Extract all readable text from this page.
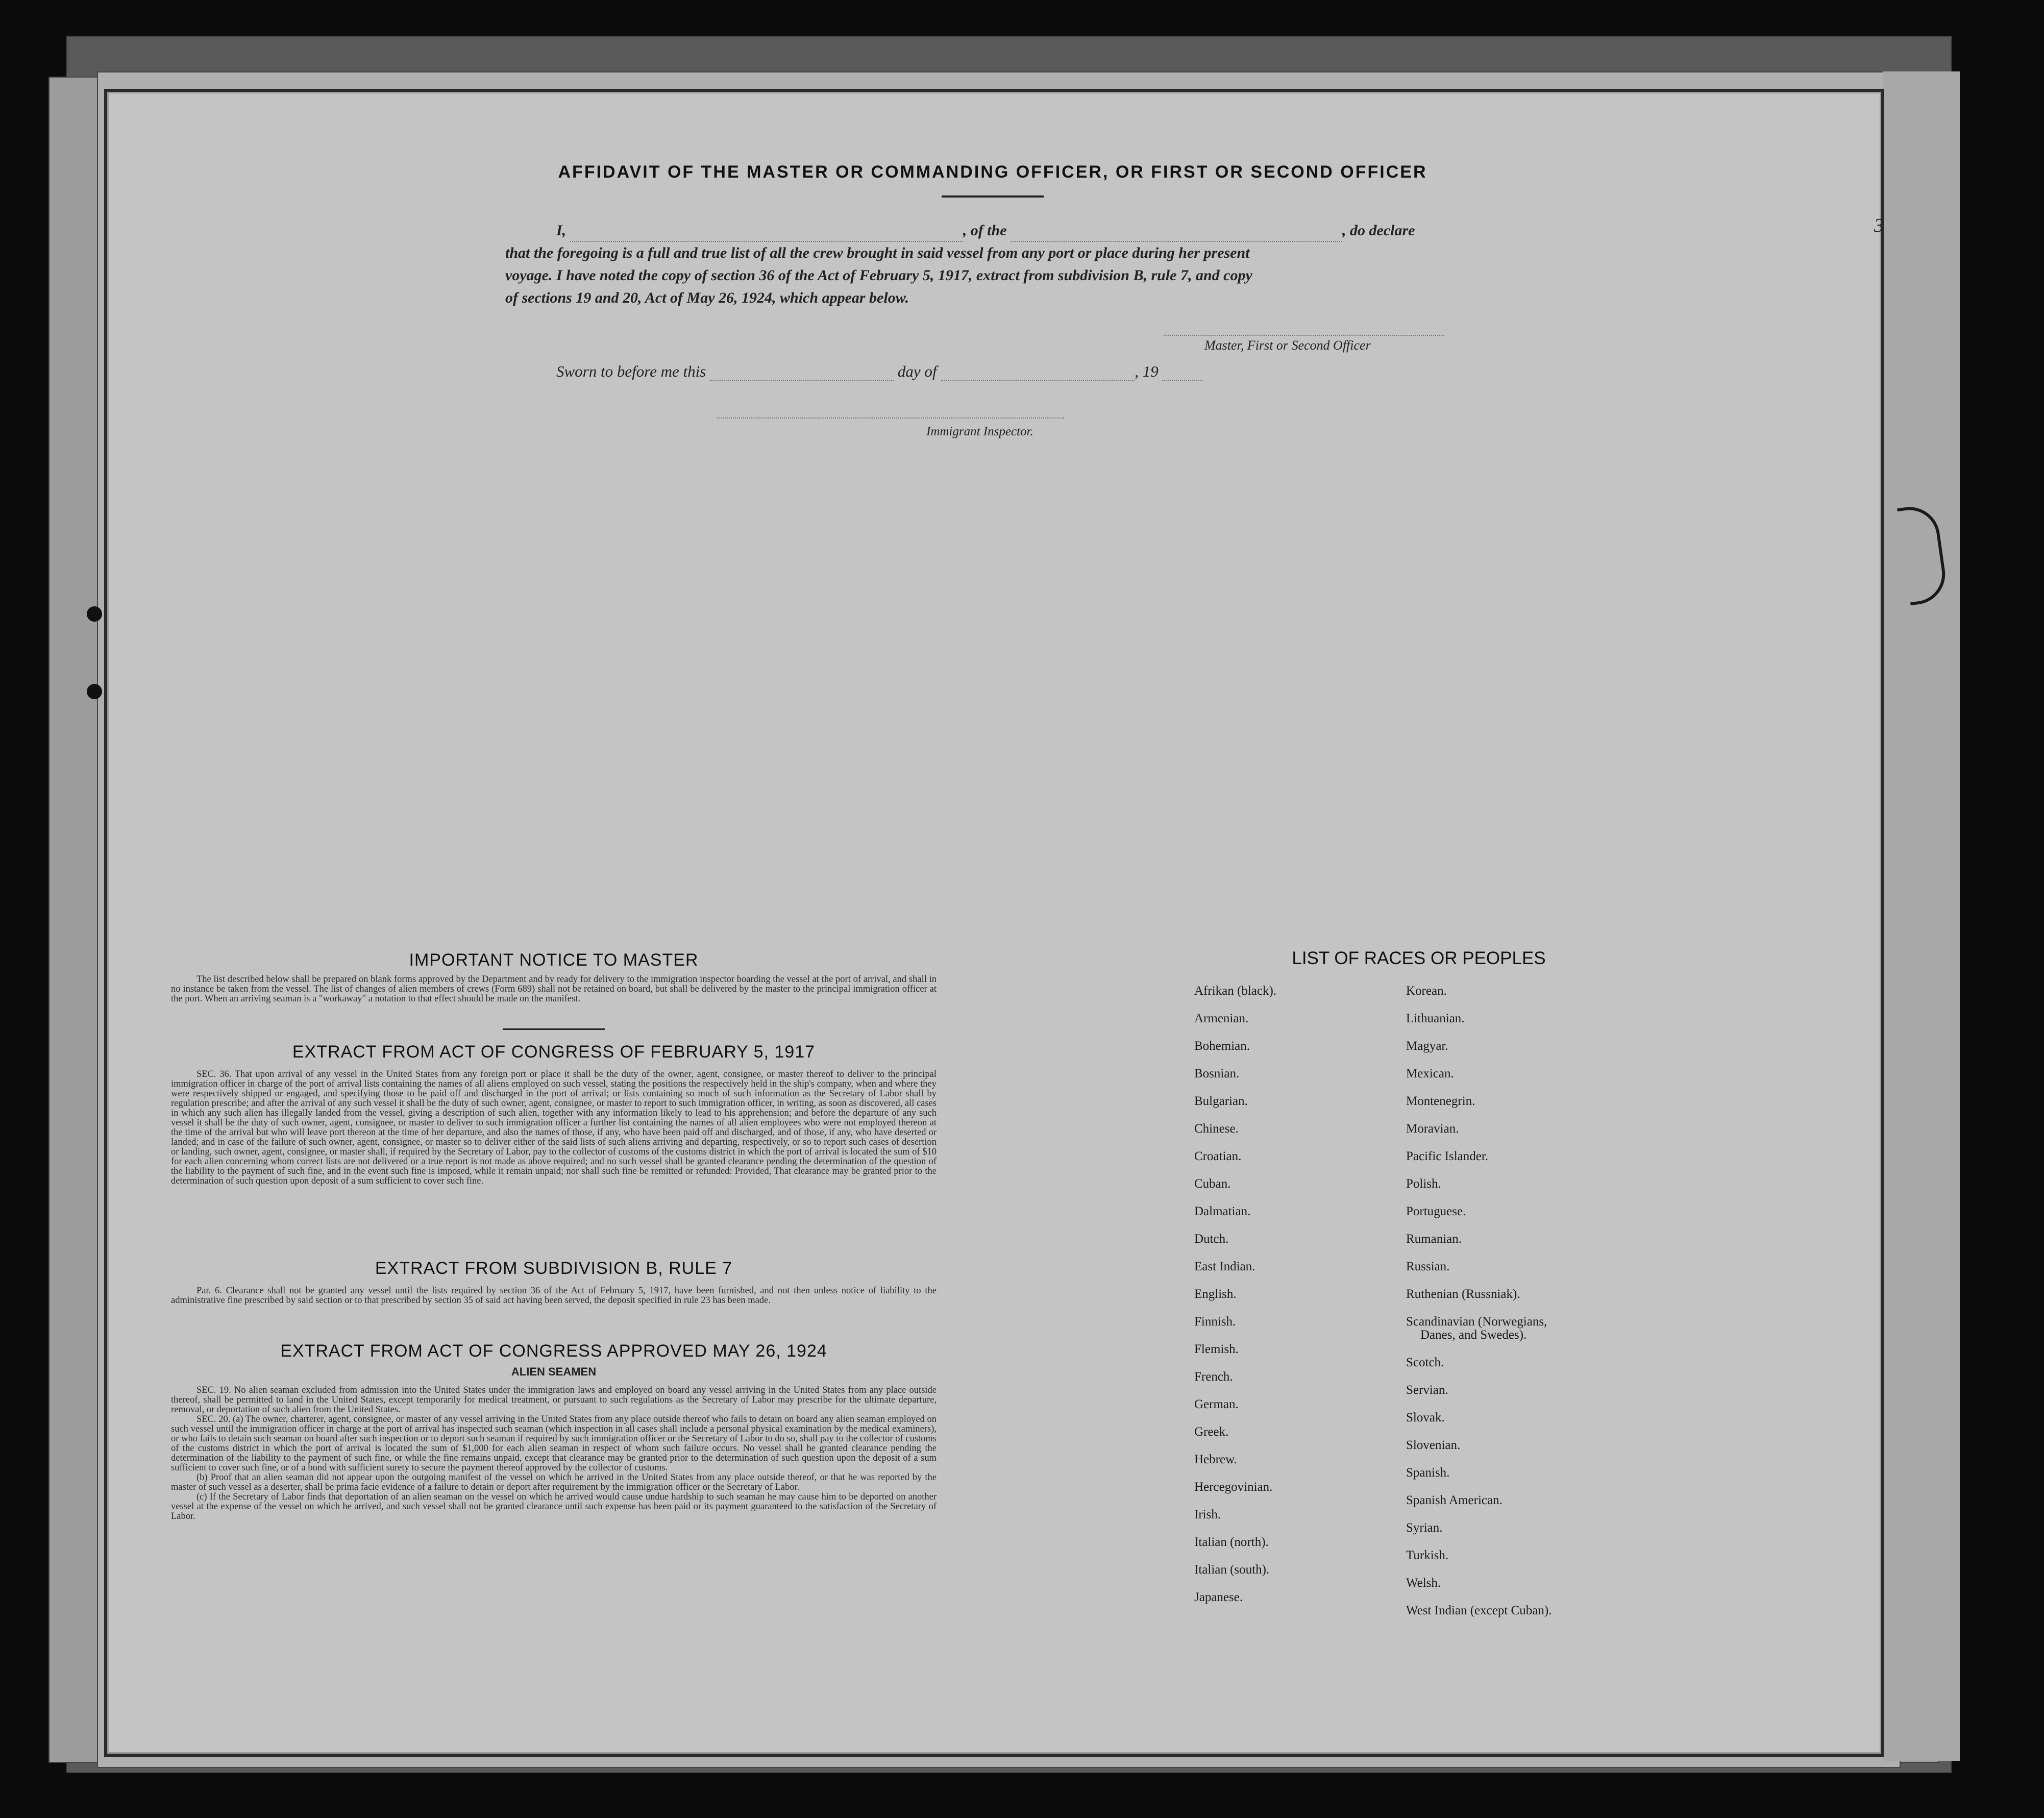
AFFIDAVIT OF THE MASTER OR COMMANDING OFFICER, OR FIRST OR SECOND OFFICER
I,	, of the	, do declare
that the foregoing is a full and true list of all the crew brought in said vessel from any port or place during her present
voyage. I have noted the copy of section 36 of the Act of February 5, 1917, extract from subdivision B, rule 7, and copy
of sections 19 and 20, Act of May 26, 1924, which appear below.
Master, First or Second Officer
Sworn to before me this	day of	, 19
Immigrant Inspector.
IMPORTANT NOTICE TO MASTER

The list described below shall be prepared on blank forms approved by the Department and by ready for delivery to the immigration inspector boarding the vessel at the port of arrival, and shall in no instance be taken from the vessel. The list of changes of alien members of crews (Form 689) shall not be retained on board, but shall be delivered by the master to the principal immigration officer at the port. When an arriving seaman is a "workaway" a notation to that effect should be made on the manifest.

EXTRACT FROM ACT OF CONGRESS OF FEBRUARY 5, 1917

SEC. 36. That upon arrival of any vessel in the United States from any foreign port or place it shall be the duty of the owner, agent, consignee, or master thereof to deliver to the principal immigration officer in charge of the port of arrival lists containing the names of all aliens employed on such vessel, stating the positions the respectively held in the ship's company, when and where they were respectively shipped or engaged, and specifying those to be paid off and discharged in the port of arrival; or lists containing so much of such information as the Secretary of Labor shall by regulation prescribe; and after the arrival of any such vessel it shall be the duty of such owner, agent, consignee, or master to report to such immigration officer, in writing, as soon as discovered, all cases in which any such alien has illegally landed from the vessel, giving a description of such alien, together with any information likely to lead to his apprehension; and before the departure of any such vessel it shall be the duty of such owner, agent, consignee, or master to deliver to such immigration officer a further list containing the names of all alien employees who were not employed thereon at the time of the arrival but who will leave port thereon at the time of her departure, and also the names of those, if any, who have been paid off and discharged, and of those, if any, who have deserted or landed; and in case of the failure of such owner, agent, consignee, or master so to deliver either of the said lists of such aliens arriving and departing, respectively, or so to report such cases of desertion or landing, such owner, agent, consignee, or master shall, if required by the Secretary of Labor, pay to the collector of customs of the customs district in which the port of arrival is located the sum of $10 for each alien concerning whom correct lists are not delivered or a true report is not made as above required; and no such vessel shall be granted clearance pending the determination of the question of the liability to the payment of such fine, and in the event such fine is imposed, while it remain unpaid; nor shall such fine be remitted or refunded: Provided, That clearance may be granted prior to the determination of such question upon deposit of a sum sufficient to cover such fine.

EXTRACT FROM SUBDIVISION B, RULE 7

Par. 6. Clearance shall not be granted any vessel until the lists required by section 36 of the Act of February 5, 1917, have been furnished, and not then unless notice of liability to the administrative fine prescribed by said section or to that prescribed by section 35 of said act having been served, the deposit specified in rule 23 has been made.

EXTRACT FROM ACT OF CONGRESS APPROVED MAY 26, 1924
ALIEN SEAMEN

SEC. 19. No alien seaman excluded from admission into the United States under the immigration laws and employed on board any vessel arriving in the United States from any place outside thereof, shall be permitted to land in the United States, except temporarily for medical treatment, or pursuant to such regulations as the Secretary of Labor may prescribe for the ultimate departure, removal, or deportation of such alien from the United States.

SEC. 20. (a) The owner, charterer, agent, consignee, or master of any vessel arriving in the United States from any place outside thereof who fails to detain on board any alien seaman employed on such vessel until the immigration officer in charge at the port of arrival has inspected such seaman (which inspection in all cases shall include a personal physical examination by the medical examiners), or who fails to detain such seaman on board after such inspection or to deport such seaman if required by such immigration officer or the Secretary of Labor to do so, shall pay to the collector of customs of the customs district in which the port of arrival is located the sum of $1,000 for each alien seaman in respect of whom such failure occurs. No vessel shall be granted clearance pending the determination of the liability to the payment of such fine, or while the fine remains unpaid, except that clearance may be granted prior to the determination of such question upon the deposit of a sum sufficient to cover such fine, or of a bond with sufficient surety to secure the payment thereof approved by the collector of customs.

(b) Proof that an alien seaman did not appear upon the outgoing manifest of the vessel on which he arrived in the United States from any place outside thereof, or that he was reported by the master of such vessel as a deserter, shall be prima facie evidence of a failure to detain or deport after requirement by the immigration officer or the Secretary of Labor.

(c) If the Secretary of Labor finds that deportation of an alien seaman on the vessel on which he arrived would cause undue hardship to such seaman he may cause him to be deported on another vessel at the expense of the vessel on which he arrived, and such vessel shall not be granted clearance until such expense has been paid or its payment guaranteed to the satisfaction of the Secretary of Labor.

LIST OF RACES OR PEOPLES
Afrikan (black).
Armenian.
Bohemian.
Bosnian.
Bulgarian.
Chinese.
Croatian.
Cuban.
Dalmatian.
Dutch.
East Indian.
English.
Finnish.
Flemish.
French.
German.
Greek.
Hebrew.
Hercegovinian.
Irish.
Italian (north).
Italian (south).
Japanese.
Korean.
Lithuanian.
Magyar.
Mexican.
Montenegrin.
Moravian.
Pacific Islander.
Polish.
Portuguese.
Rumanian.
Russian.
Ruthenian (Russniak).
Scandinavian (Norwegians,
Danes, and Swedes).
Scotch.
Servian.
Slovak.
Slovenian.
Spanish.
Spanish American.
Syrian.
Turkish.
Welsh.
West Indian (except Cuban).
3
